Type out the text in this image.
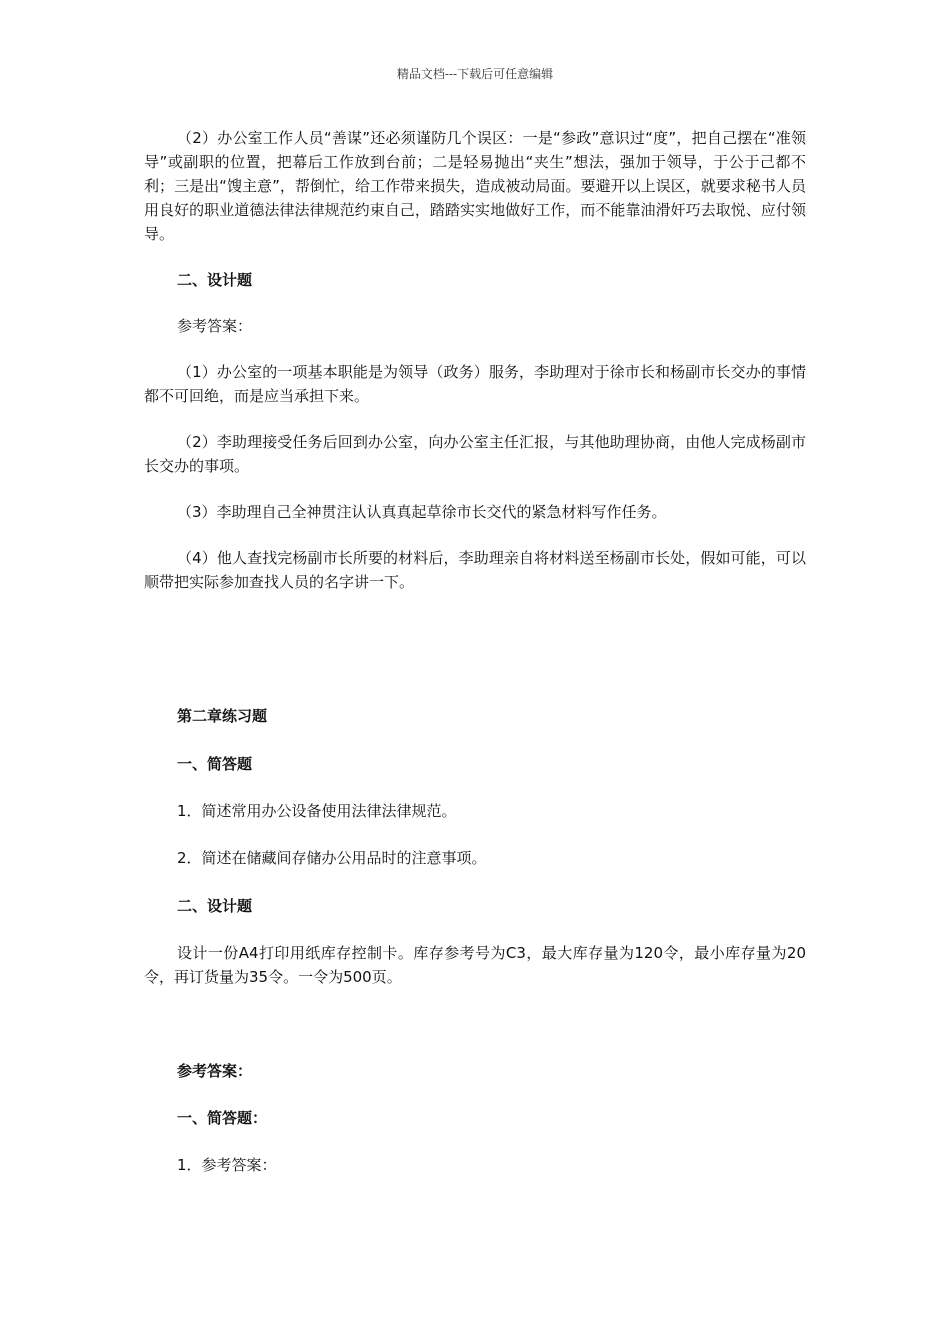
精品文档---下载后可任意编辑

（2）办公室工作人员“善谋”还必须谨防几个误区：一是“参政”意识过“度”，把自己摆在“准领导”或副职的位置，把幕后工作放到台前；二是轻易抛出“夹生”想法，强加于领导，于公于己都不利；三是出“馊主意”，帮倒忙，给工作带来损失，造成被动局面。要避开以上误区，就要求秘书人员用良好的职业道德法律法律规范约束自己，踏踏实实地做好工作，而不能靠油滑奸巧去取悦、应付领导。

二、设计题

参考答案：

（1）办公室的一项基本职能是为领导（政务）服务，李助理对于徐市长和杨副市长交办的事情都不可回绝，而是应当承担下来。

（2）李助理接受任务后回到办公室，向办公室主任汇报，与其他助理协商，由他人完成杨副市长交办的事项。

（3）李助理自己全神贯注认认真真起草徐市长交代的紧急材料写作任务。

（4）他人查找完杨副市长所要的材料后，李助理亲自将材料送至杨副市长处，假如可能，可以顺带把实际参加查找人员的名字讲一下。

第二章练习题

一、简答题

1．简述常用办公设备使用法律法律规范。

2．简述在储藏间存储办公用品时的注意事项。

二、设计题

设计一份A4打印用纸库存控制卡。库存参考号为C3，最大库存量为120令，最小库存量为20令，再订货量为35令。一令为500页。

参考答案：

一、简答题：

1．参考答案：
